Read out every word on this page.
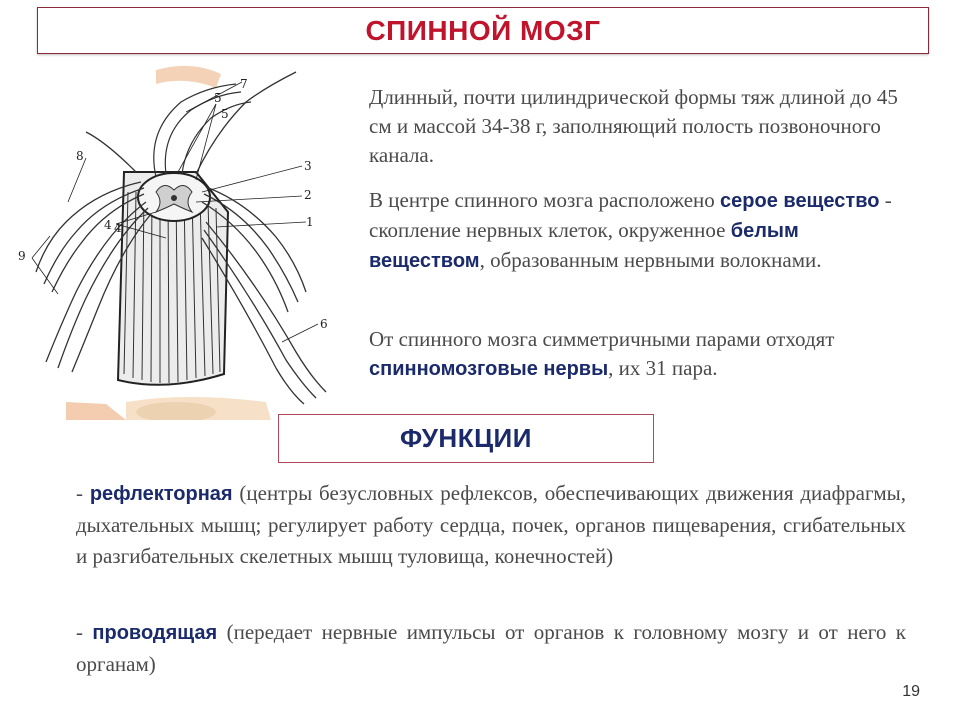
СПИННОЙ МОЗГ
1
2
3
4 4
5
5
6
7
8
9

Длинный, почти цилиндрической формы тяж длиной до 45 см и массой 34-38 г, заполняющий полость позвоночного канала.

В центре спинного мозга расположено серое вещество - скопление нервных клеток, окруженное белым веществом, образованным нервными волокнами.

От спинного мозга симметричными парами отходят спинномозговые нервы, их 31 пара.

ФУНКЦИИ

- рефлекторная (центры безусловных рефлексов, обеспечивающих движения диафрагмы, дыхательных мышц; регулирует работу сердца, почек, органов пищеварения, сгибательных и разгибательных скелетных мышц туловища, конечностей)

- проводящая (передает нервные импульсы от органов к головному мозгу и от него к органам)

19
